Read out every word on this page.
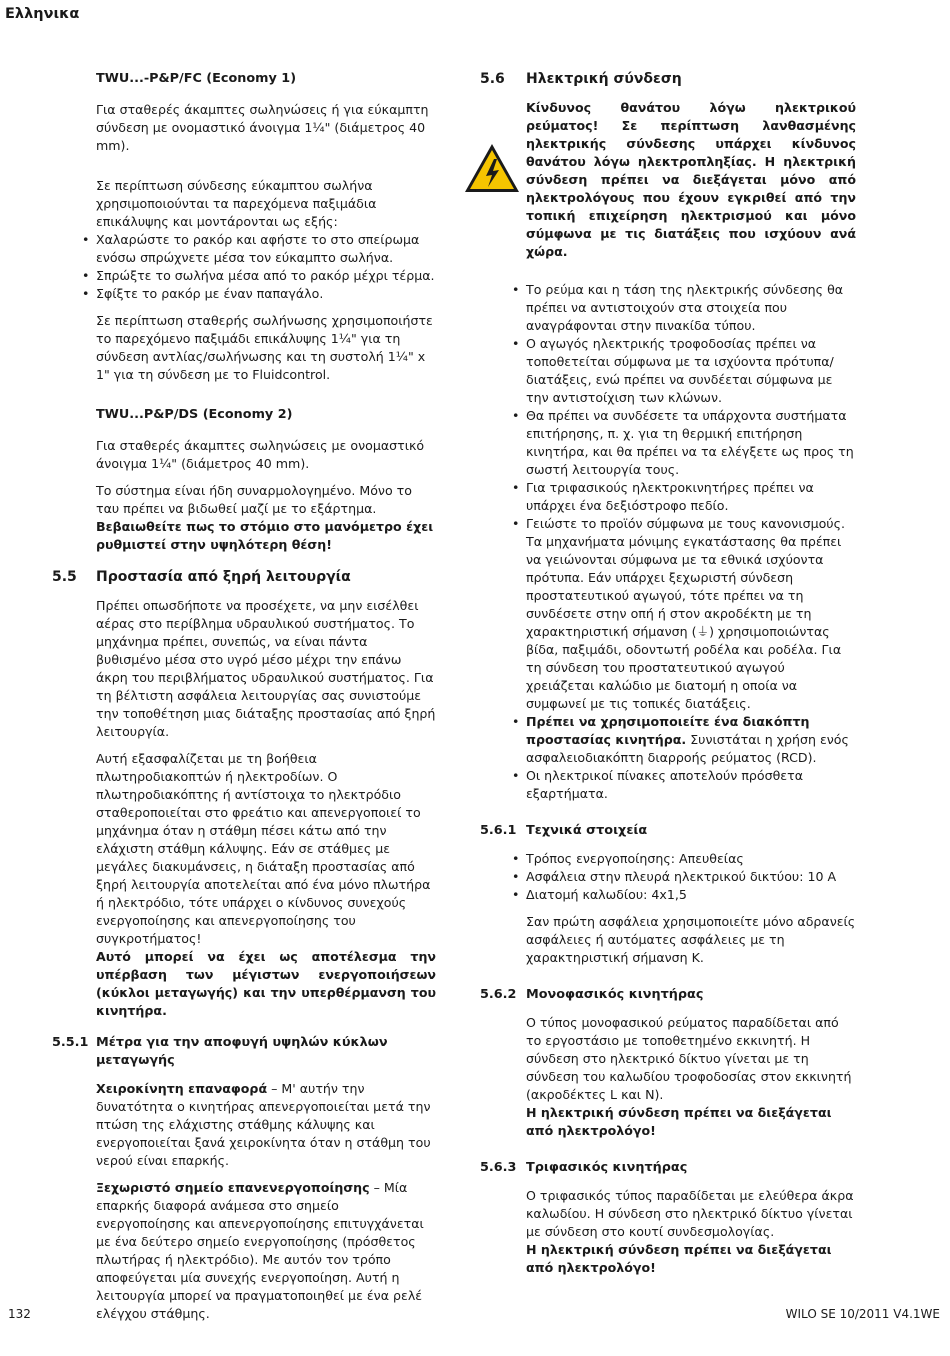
Ελληνικα
TWU...-P&P/FC (Economy 1)

Για σταθερές άκαμπτες σωληνώσεις ή για εύκαμπτη σύνδεση με ονομαστικό άνοιγμα 1¼" (διάμετρος 40 mm).

Σε περίπτωση σύνδεσης εύκαμπτου σωλήνα χρησιμοποιούνται τα παρεχόμενα παξιμάδια επικάλυψης και μοντάρονται ως εξής:

• Χαλαρώστε το ρακόρ και αφήστε το στο σπείρωμα ενόσω σπρώχνετε μέσα τον εύκαμπτο σωλήνα.
• Σπρώξτε το σωλήνα μέσα από το ρακόρ μέχρι τέρμα.
• Σφίξτε το ρακόρ με έναν παπαγάλο.

Σε περίπτωση σταθερής σωλήνωσης χρησιμοποιήστε το παρεχόμενο παξιμάδι επικάλυψης 1¼" για τη σύνδεση αντλίας/σωλήνωσης και τη συστολή 1¼" x 1" για τη σύνδεση με το Fluidcontrol.

TWU...P&P/DS (Economy 2)

Για σταθερές άκαμπτες σωληνώσεις με ονομαστικό άνοιγμα 1¼" (διάμετρος 40 mm).

Το σύστημα είναι ήδη συναρμολογημένο. Μόνο το ταυ πρέπει να βιδωθεί μαζί με το εξάρτημα. Βεβαιωθείτε πως το στόμιο στο μανόμετρο έχει ρυθμιστεί στην υψηλότερη θέση!

5.5 Προστασία από ξηρή λειτουργία

Πρέπει οπωσδήποτε να προσέχετε, να μην εισέλθει αέρας στο περίβλημα υδραυλικού συστήματος. Το μηχάνημα πρέπει, συνεπώς, να είναι πάντα βυθισμένο μέσα στο υγρό μέσο μέχρι την επάνω άκρη του περιβλήματος υδραυλικού συστήματος. Για τη βέλτιστη ασφάλεια λειτουργίας σας συνιστούμε την τοποθέτηση μιας διάταξης προστασίας από ξηρή λειτουργία.

Αυτή εξασφαλίζεται με τη βοήθεια πλωτηροδιακοπτών ή ηλεκτροδίων. Ο πλωτηροδιακόπτης ή αντίστοιχα το ηλεκτρόδιο σταθεροποιείται στο φρεάτιο και απενεργοποιεί το μηχάνημα όταν η στάθμη πέσει κάτω από την ελάχιστη στάθμη κάλυψης. Εάν σε στάθμες με μεγάλες διακυμάνσεις, η διάταξη προστασίας από ξηρή λειτουργία αποτελείται από ένα μόνο πλωτήρα ή ηλεκτρόδιο, τότε υπάρχει ο κίνδυνος συνεχούς ενεργοποίησης και απενεργοποίησης του συγκροτήματος!
Αυτό μπορεί να έχει ως αποτέλεσμα την υπέρβαση των μέγιστων ενεργοποιήσεων (κύκλοι μεταγωγής) και την υπερθέρμανση του κινητήρα.

5.5.1 Μέτρα για την αποφυγή υψηλών κύκλων μεταγωγής

Χειροκίνητη επαναφορά – Μ' αυτήν την δυνατότητα ο κινητήρας απενεργοποιείται μετά την πτώση της ελάχιστης στάθμης κάλυψης και ενεργοποιείται ξανά χειροκίνητα όταν η στάθμη του νερού είναι επαρκής.

Ξεχωριστό σημείο επανενεργοποίησης – Μία επαρκής διαφορά ανάμεσα στο σημείο ενεργοποίησης και απενεργοποίησης επιτυγχάνεται με ένα δεύτερο σημείο ενεργοποίησης (πρόσθετος πλωτήρας ή ηλεκτρόδιο). Με αυτόν τον τρόπο αποφεύγεται μία συνεχής ενεργοποίηση. Αυτή η λειτουργία μπορεί να πραγματοποιηθεί με ένα ρελέ ελέγχου στάθμης.

5.6 Ηλεκτρική σύνδεση
Κίνδυνος θανάτου λόγω ηλεκτρικού ρεύματος! Σε περίπτωση λανθασμένης ηλεκτρικής σύνδεσης υπάρχει κίνδυνος θανάτου λόγω ηλεκτροπληξίας. Η ηλεκτρική σύνδεση πρέπει να διεξάγεται μόνο από ηλεκτρολόγους που έχουν εγκριθεί από την τοπική επιχείρηση ηλεκτρισμού και μόνο σύμφωνα με τις διατάξεις που ισχύουν ανά χώρα.
• Το ρεύμα και η τάση της ηλεκτρικής σύνδεσης θα πρέπει να αντιστοιχούν στα στοιχεία που αναγράφονται στην πινακίδα τύπου.
• Ο αγωγός ηλεκτρικής τροφοδοσίας πρέπει να τοποθετείται σύμφωνα με τα ισχύοντα πρότυπα/διατάξεις, ενώ πρέπει να συνδέεται σύμφωνα με την αντιστοίχιση των κλώνων.
• Θα πρέπει να συνδέσετε τα υπάρχοντα συστήματα επιτήρησης, π. χ. για τη θερμική επιτήρηση κινητήρα, και θα πρέπει να τα ελέγξετε ως προς τη σωστή λειτουργία τους.
• Για τριφασικούς ηλεκτροκινητήρες πρέπει να υπάρχει ένα δεξιόστροφο πεδίο.
• Γειώστε το προϊόν σύμφωνα με τους κανονισμούς. Τα μηχανήματα μόνιμης εγκατάστασης θα πρέπει να γειώνονται σύμφωνα με τα εθνικά ισχύοντα πρότυπα. Εάν υπάρχει ξεχωριστή σύνδεση προστατευτικού αγωγού, τότε πρέπει να τη συνδέσετε στην οπή ή στον ακροδέκτη με τη χαρακτηριστική σήμανση (⏚) χρησιμοποιώντας βίδα, παξιμάδι, οδοντωτή ροδέλα και ροδέλα. Για τη σύνδεση του προστατευτικού αγωγού χρειάζεται καλώδιο με διατομή η οποία να συμφωνεί με τις τοπικές διατάξεις.
• Πρέπει να χρησιμοποιείτε ένα διακόπτη προστασίας κινητήρα. Συνιστάται η χρήση ενός ασφαλειοδιακόπτη διαρροής ρεύματος (RCD).
• Οι ηλεκτρικοί πίνακες αποτελούν πρόσθετα εξαρτήματα.
5.6.1 Τεχνικά στοιχεία
• Τρόπος ενεργοποίησης: Απευθείας
• Ασφάλεια στην πλευρά ηλεκτρικού δικτύου: 10 A
• Διατομή καλωδίου: 4x1,5

Σαν πρώτη ασφάλεια χρησιμοποιείτε μόνο αδρανείς ασφάλειες ή αυτόματες ασφάλειες με τη χαρακτηριστική σήμανση K.

5.6.2 Μονοφασικός κινητήρας

Ο τύπος μονοφασικού ρεύματος παραδίδεται από το εργοστάσιο με τοποθετημένο εκκινητή. Η σύνδεση στο ηλεκτρικό δίκτυο γίνεται με τη σύνδεση του καλωδίου τροφοδοσίας στον εκκινητή (ακροδέκτες L και N).
Η ηλεκτρική σύνδεση πρέπει να διεξάγεται από ηλεκτρολόγο!

5.6.3 Τριφασικός κινητήρας

Ο τριφασικός τύπος παραδίδεται με ελεύθερα άκρα καλωδίου. Η σύνδεση στο ηλεκτρικό δίκτυο γίνεται με σύνδεση στο κουτί συνδεσμολογίας.
Η ηλεκτρική σύνδεση πρέπει να διεξάγεται από ηλεκτρολόγο!

132	WILO SE 10/2011 V4.1WE
